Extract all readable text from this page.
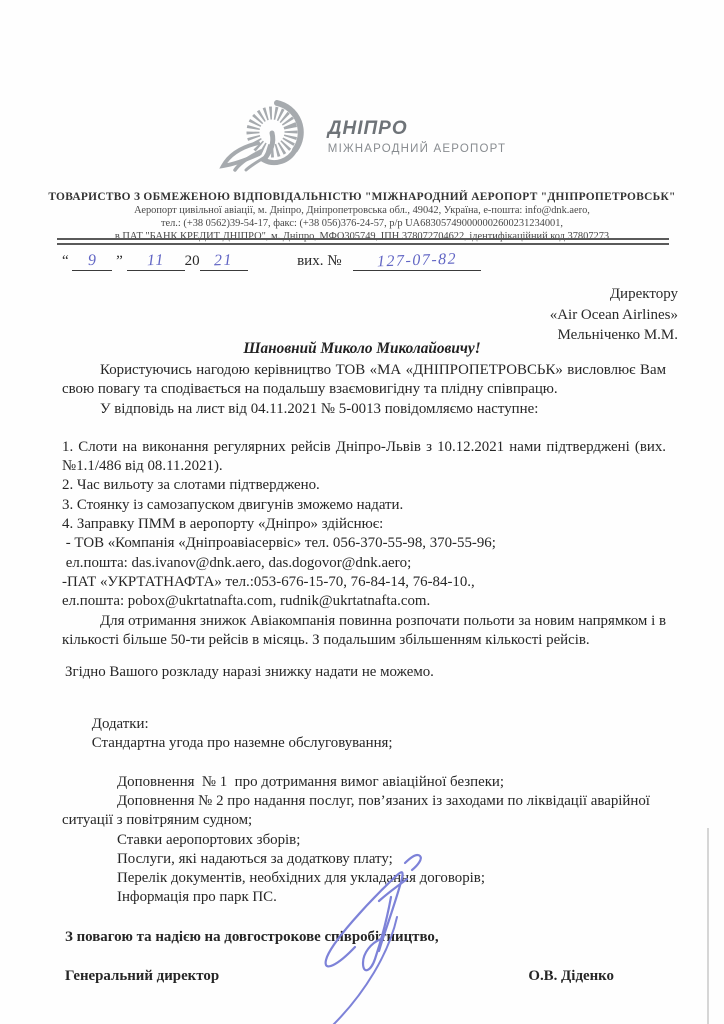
ДНІПРО
МІЖНАРОДНИЙ АЕРОПОРТ
ТОВАРИСТВО З ОБМЕЖЕНОЮ ВІДПОВІДАЛЬНІСТЮ "МІЖНАРОДНИЙ АЕРОПОРТ "ДНІПРОПЕТРОВСЬК"
Аеропорт цивільної авіації, м. Дніпро, Дніпропетровська обл., 49042, Україна, е-пошта: info@dnk.aero,
тел.: (+38 0562)39-54-17, факс: (+38 056)376-24-57, р/р UA683057490000002600231234001,
в ПАТ "БАНК КРЕДИТ ДНІПРО", м. Дніпро, МФО305749, ІПН 378072704622, ідентифікаційний код 37807273
“ 9 ” 11 20 21	вих. № 127-07-82
Директору
«Air Ocean Airlines»
Мельніченко М.М.
Шановний Миколо Миколайовичу!
Користуючись нагодою керівництво ТОВ «МА «ДНІПРОПЕТРОВСЬК» висловлює Вам свою повагу та сподівається на подальшу взаємовигідну та плідну співпрацю.
У відповідь на лист від 04.11.2021 № 5-0013 повідомляємо наступне:
1. Слоти на виконання регулярних рейсів Дніпро-Львів з 10.12.2021 нами підтверджені (вих.№1.1/486 від 08.11.2021).
2. Час вильоту за слотами підтверджено.
3. Стоянку із самозапуском двигунів зможемо надати.
4. Заправку ПММ в аеропорту «Дніпро» здійснює:
- ТОВ «Компанія «Дніпроавіасервіс» тел. 056-370-55-98, 370-55-96;
ел.пошта: das.ivanov@dnk.aero, das.dogovor@dnk.aero;
-ПАТ «УКРТАТНАФТА» тел.:053-676-15-70, 76-84-14, 76-84-10.,
ел.пошта: pobox@ukrtatnafta.com, rudnik@ukrtatnafta.com.
Для отримання знижок Авіакомпанія повинна розпочати польоти за новим напрямком і в кількості більше 50-ти рейсів в місяць. З подальшим збільшенням кількості рейсів.
Згідно Вашого розкладу наразі знижку надати не можемо.

Додатки:
Стандартна угода про наземне обслуговування;

Доповнення  № 1  про дотримання вимог авіаційної безпеки;
Доповнення № 2 про надання послуг, пов’язаних із заходами по ліквідації аварійної ситуації з повітряним судном;
Ставки аеропортових зборів;
Послуги, які надаються за додаткову плату;
Перелік документів, необхідних для укладання договорів;
Інформація про парк ПС.
З повагою та надією на довгострокове співробітництво,
Генеральний директор	О.В. Діденко
